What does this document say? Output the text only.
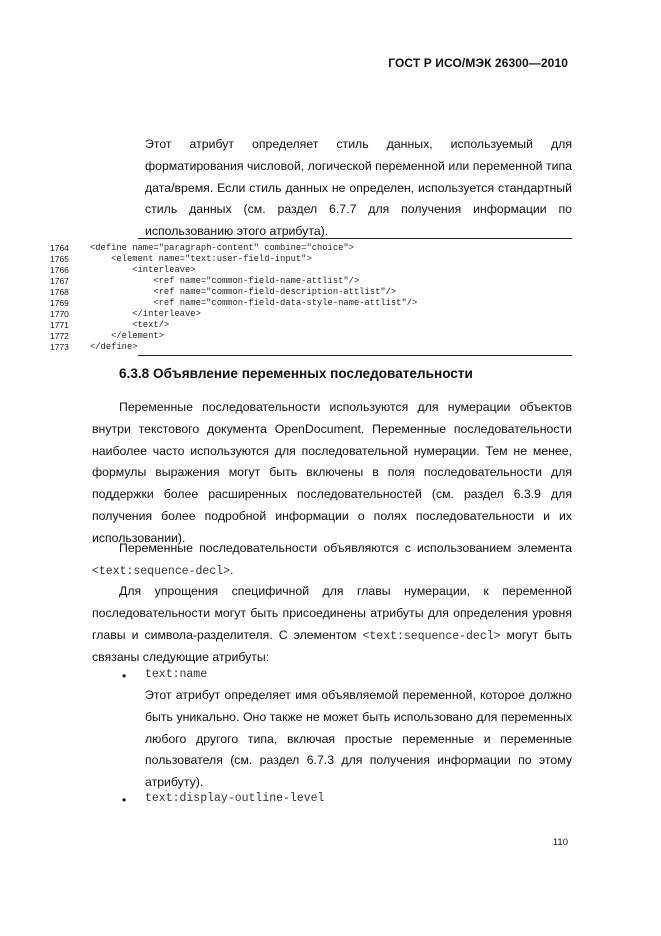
ГОСТ Р ИСО/МЭК 26300—2010
Этот атрибут определяет стиль данных, используемый для
форматирования числовой, логической переменной или переменной типа
дата/время. Если стиль данных не определен, используется стандартный
стиль данных (см. раздел 6.7.7 для получения информации по
использованию этого атрибута).
1764	<define name="paragraph-content" combine="choice">
1765	<element name="text:user-field-input">
1766	<interleave>
1767	<ref name="common-field-name-attlist"/>
1768	<ref name="common-field-description-attlist"/>
1769	<ref name="common-field-data-style-name-attlist"/>
1770	</interleave>
1771	<text/>
1772	</element>
1773	</define>
6.3.8 Объявление переменных последовательности
Переменные последовательности используются для нумерации объектов
внутри текстового документа OpenDocument. Переменные последовательности
наиболее часто используются для последовательной нумерации. Тем не менее,
формулы выражения могут быть включены в поля последовательности для
поддержки более расширенных последовательностей (см. раздел 6.3.9 для
получения более подробной информации о полях последовательности и их
использовании).
Переменные последовательности объявляются с использованием элемента
<text:sequence-decl>.
Для упрощения специфичной для главы нумерации, к переменной
последовательности могут быть присоединены атрибуты для определения уровня
главы и символа-разделителя. С элементом <text:sequence-decl> могут быть
связаны следующие атрибуты:
• text:name
Этот атрибут определяет имя объявляемой переменной, которое должно
быть уникально. Оно также не может быть использовано для переменных
любого другого типа, включая простые переменные и переменные
пользователя (см. раздел 6.7.3 для получения информации по этому
атрибуту).
• text:display-outline-level
110
